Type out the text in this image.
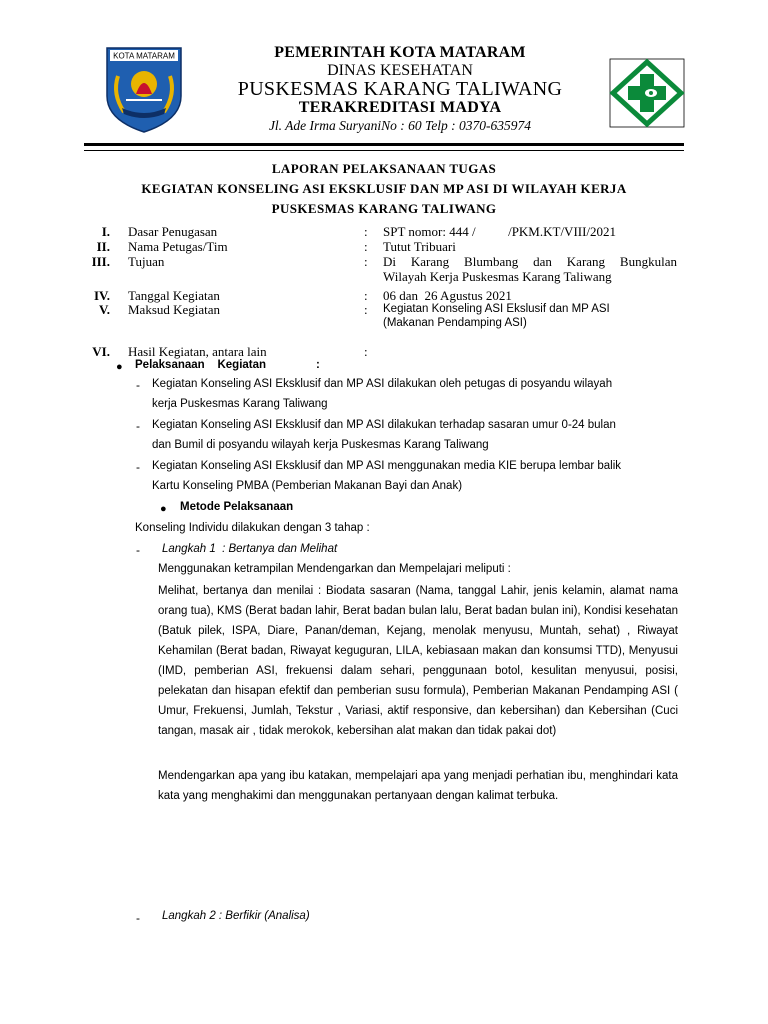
KOTA MATARAM	PEMERINTAH KOTA MATARAM
DINAS KESEHATAN
PUSKESMAS KARANG TALIWANG
TERAKREDITASI MADYA
Jl. Ade Irma SuryaniNo : 60 Telp : 0370-635974
LAPORAN PELAKSANAAN TUGAS
KEGIATAN KONSELING ASI EKSKLUSIF DAN MP ASI DI WILAYAH KERJA
PUSKESMAS KARANG TALIWANG
I. Dasar Penugasan	: SPT nomor: 444 /          /PKM.KT/VIII/2021
II. Nama Petugas/Tim	: Tutut Tribuari
III. Tujuan	: Di Karang Blumbang dan Karang Bungkulan
Wilayah Kerja Puskesmas Karang Taliwang
IV. Tanggal Kegiatan	: 06 dan  26 Agustus 2021
V. Maksud Kegiatan	: Kegiatan Konseling ASI Ekslusif dan MP ASI
(Makanan Pendamping ASI)
VI. Hasil Kegiatan, antara lain	:
● Pelaksanaan    Kegiatan	:
- Kegiatan Konseling ASI Eksklusif dan MP ASI dilakukan oleh petugas di posyandu wilayah
kerja Puskesmas Karang Taliwang
- Kegiatan Konseling ASI Eksklusif dan MP ASI dilakukan terhadap sasaran umur 0-24 bulan
dan Bumil di posyandu wilayah kerja Puskesmas Karang Taliwang
- Kegiatan Konseling ASI Eksklusif dan MP ASI menggunakan media KIE berupa lembar balik
Kartu Konseling PMBA (Pemberian Makanan Bayi dan Anak)
● Metode Pelaksanaan
Konseling Individu dilakukan dengan 3 tahap :
- Langkah 1  : Bertanya dan Melihat
Menggunakan ketrampilan Mendengarkan dan Mempelajari meliputi :
Melihat, bertanya dan menilai : Biodata sasaran (Nama, tanggal Lahir, jenis kelamin, alamat nama orang tua), KMS (Berat badan lahir, Berat badan bulan lalu, Berat badan bulan ini), Kondisi kesehatan (Batuk pilek, ISPA, Diare, Panan/deman, Kejang, menolak menyusu, Muntah, sehat) , Riwayat Kehamilan (Berat badan, Riwayat keguguran, LILA, kebiasaan makan dan konsumsi TTD), Menyusui (IMD, pemberian ASI, frekuensi dalam sehari, penggunaan botol, kesulitan menyusui, posisi, pelekatan dan hisapan efektif dan pemberian susu formula), Pemberian Makanan Pendamping ASI ( Umur, Frekuensi, Jumlah, Tekstur , Variasi, aktif responsive, dan kebersihan) dan Kebersihan (Cuci tangan, masak air , tidak merokok, kebersihan alat makan dan tidak pakai dot)
Mendengarkan apa yang ibu katakan, mempelajari apa yang menjadi perhatian ibu, menghindari kata kata yang menghakimi dan menggunakan pertanyaan dengan kalimat terbuka.
- Langkah 2 : Berfikir (Analisa)
